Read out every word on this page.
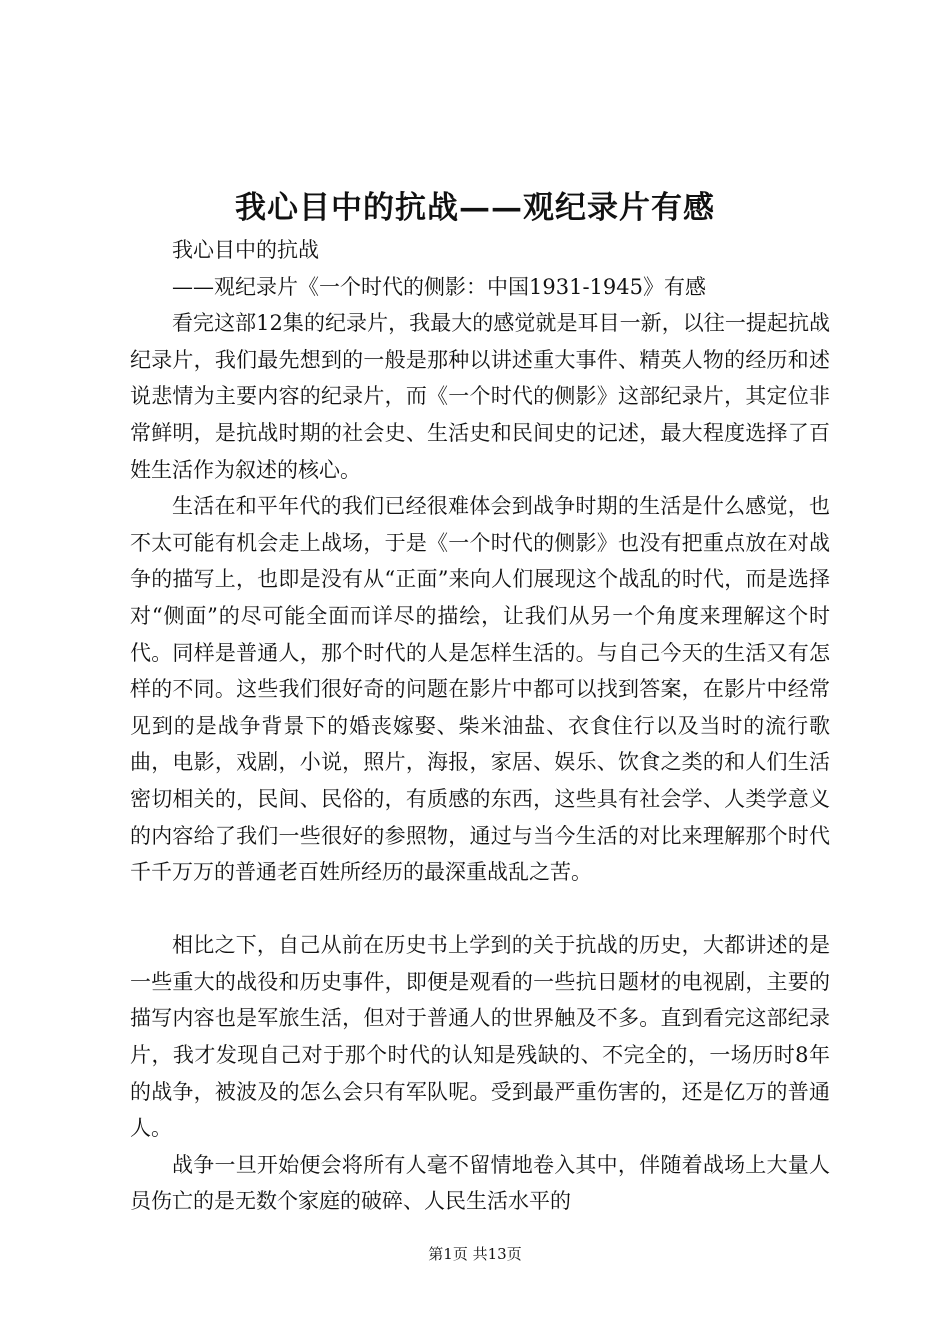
我心目中的抗战——观纪录片有感

我心目中的抗战

——观纪录片《一个时代的侧影：中国1931-1945》有感

看完这部12集的纪录片，我最大的感觉就是耳目一新，以往一提起抗战纪录片，我们最先想到的一般是那种以讲述重大事件、精英人物的经历和述说悲情为主要内容的纪录片，而《一个时代的侧影》这部纪录片，其定位非常鲜明，是抗战时期的社会史、生活史和民间史的记述，最大程度选择了百姓生活作为叙述的核心。

生活在和平年代的我们已经很难体会到战争时期的生活是什么感觉，也不太可能有机会走上战场，于是《一个时代的侧影》也没有把重点放在对战争的描写上，也即是没有从“正面”来向人们展现这个战乱的时代，而是选择对“侧面”的尽可能全面而详尽的描绘，让我们从另一个角度来理解这个时代。同样是普通人，那个时代的人是怎样生活的。与自己今天的生活又有怎样的不同。这些我们很好奇的问题在影片中都可以找到答案，在影片中经常见到的是战争背景下的婚丧嫁娶、柴米油盐、衣食住行以及当时的流行歌曲，电影，戏剧，小说，照片，海报，家居、娱乐、饮食之类的和人们生活密切相关的，民间、民俗的，有质感的东西，这些具有社会学、人类学意义的内容给了我们一些很好的参照物，通过与当今生活的对比来理解那个时代千千万万的普通老百姓所经历的最深重战乱之苦。

相比之下，自己从前在历史书上学到的关于抗战的历史，大都讲述的是一些重大的战役和历史事件，即便是观看的一些抗日题材的电视剧，主要的描写内容也是军旅生活，但对于普通人的世界触及不多。直到看完这部纪录片，我才发现自己对于那个时代的认知是残缺的、不完全的，一场历时8年的战争，被波及的怎么会只有军队呢。受到最严重伤害的，还是亿万的普通人。

战争一旦开始便会将所有人毫不留情地卷入其中，伴随着战场上大量人员伤亡的是无数个家庭的破碎、人民生活水平的

第1页 共13页
